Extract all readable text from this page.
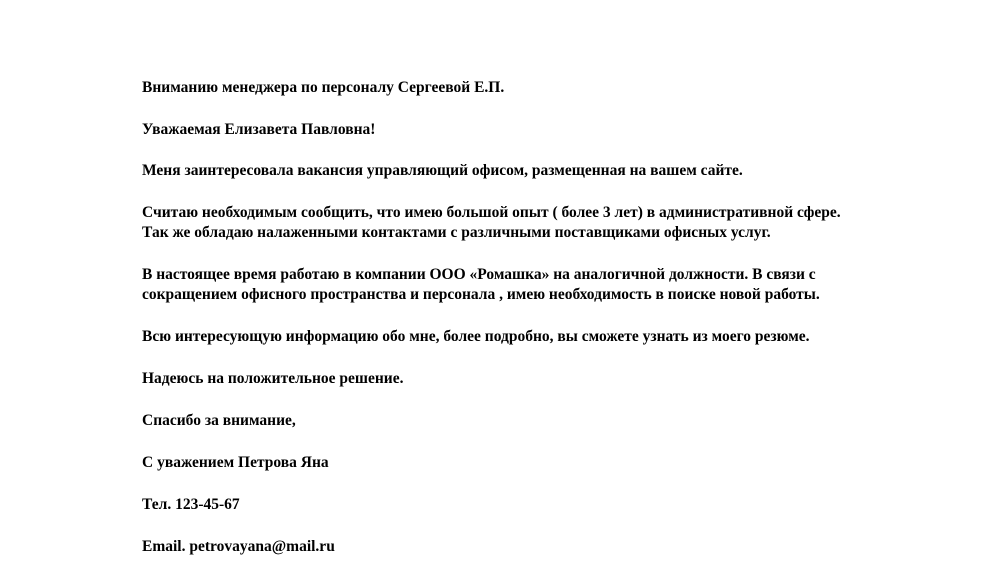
Вниманию менеджера по персоналу Сергеевой Е.П.
Уважаемая Елизавета Павловна!
Меня заинтересовала вакансия управляющий офисом, размещенная на вашем сайте.
Считаю необходимым сообщить, что имею большой опыт ( более 3 лет) в административной сфере.
Так же обладаю налаженными контактами с различными поставщиками офисных услуг.
В настоящее время работаю в компании ООО «Ромашка» на аналогичной должности. В связи с
сокращением офисного пространства и персонала , имею необходимость в поиске новой работы.
Всю интересующую информацию обо мне, более подробно, вы сможете узнать из моего резюме.
Надеюсь на положительное решение.
Спасибо за внимание,
С уважением Петрова Яна
Тел. 123-45-67
Email. petrovayana@mail.ru
